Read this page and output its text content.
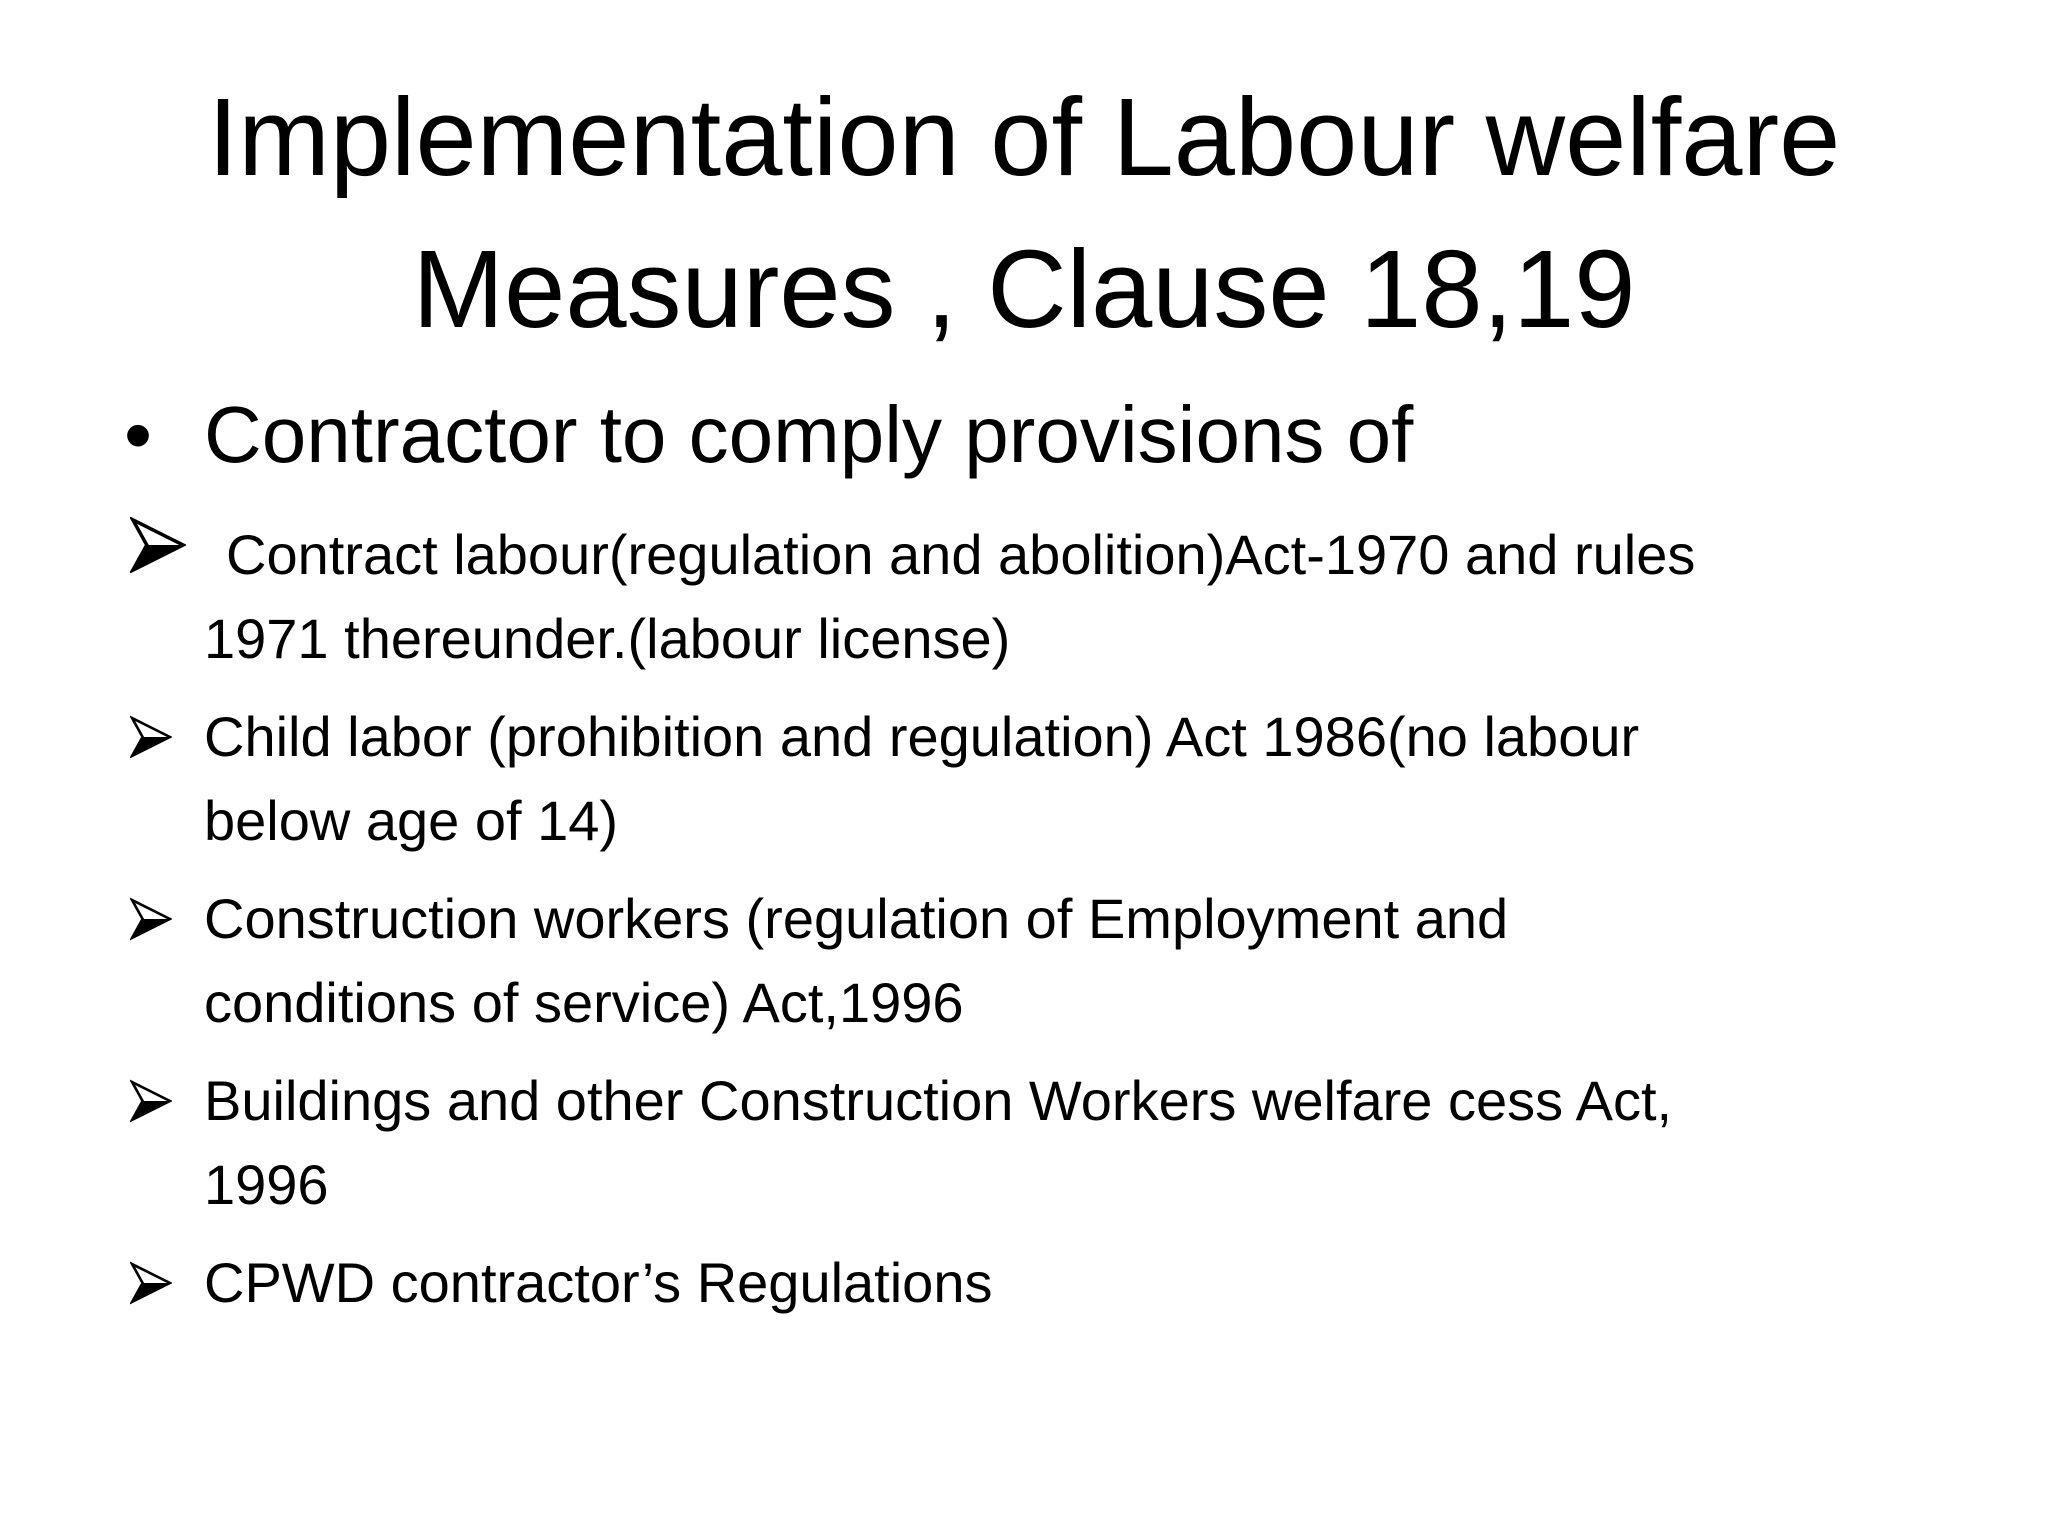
Implementation of Labour welfare
Measures , Clause 18,19

• Contractor to comply provisions of

Contract labour(regulation and abolition)Act-1970 and rules
1971 thereunder.(labour license)
Child labor (prohibition and regulation) Act 1986(no labour
below age of 14)
Construction workers (regulation of Employment and
conditions of service) Act,1996
Buildings and other Construction Workers welfare cess Act,
1996
CPWD contractor’s Regulations
